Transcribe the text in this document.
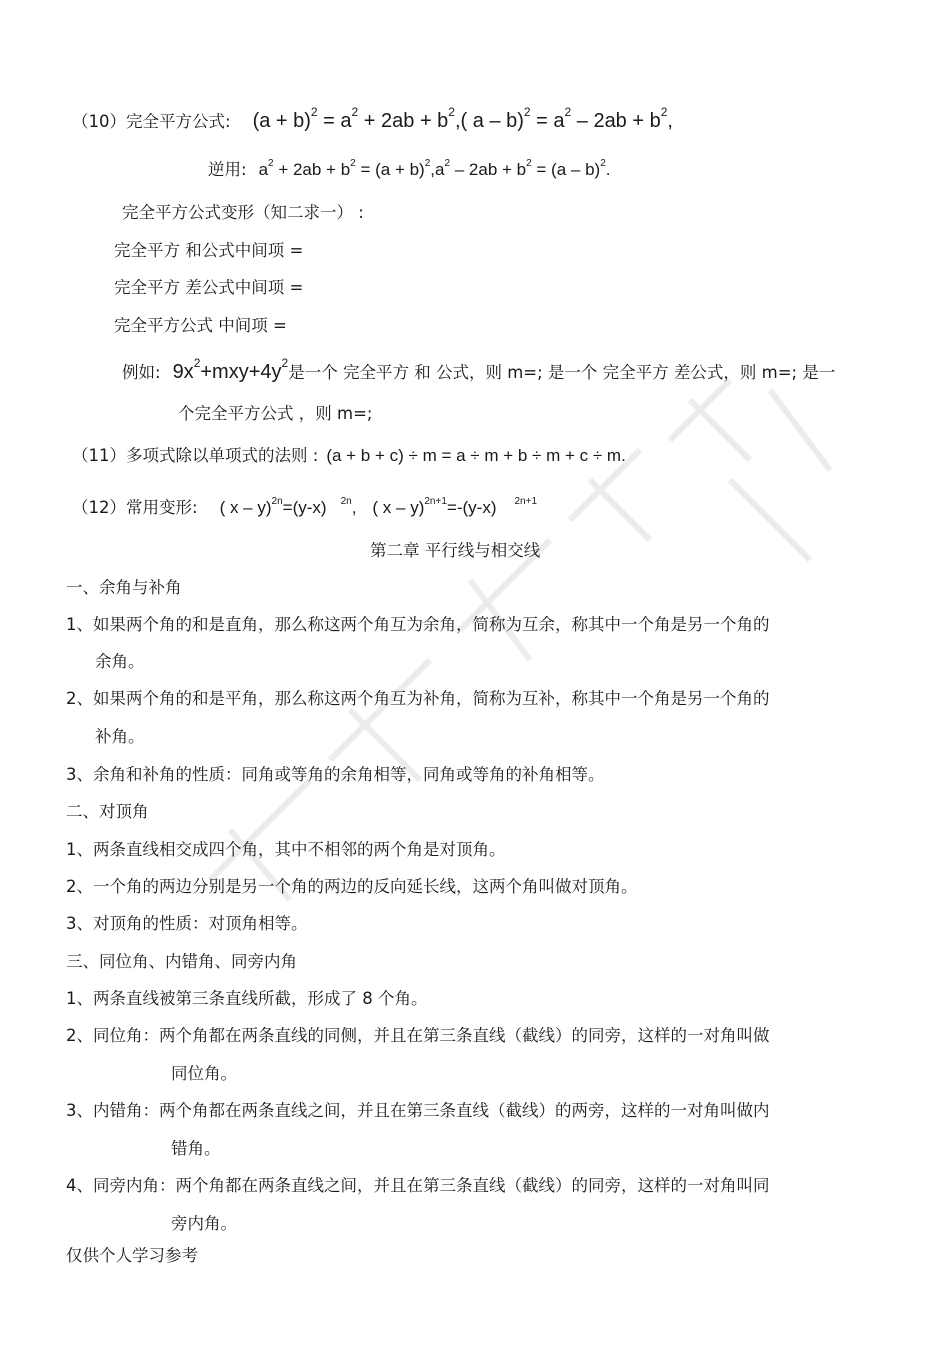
（10）完全平方公式: $(a + b)^2 = a^2 + 2ab + b^2$,( $a - b)^2 = a^2 - 2ab + b^2$,
逆用: $a^2 + 2ab + b^2 = (a + b)^2,a^2 - 2ab + b^2 = (a - b)^2$.
完全平方公式变形（知二求一） :
完全平方 和公式中间项 =
完全平方 差公式中间项 =
完全平方公式 中间项 =
例如: $9x^2+mxy+4y^2$是一个 完全平方 和 公式，则 m=; 是一个 完全平方 差公式，则 m=; 是一
个完全平方公式 ，则 m=;
（11）多项式除以单项式的法则 : (a + b + c) ÷ m = a ÷ m + b ÷ m + c ÷ m.
（12）常用变形: ( x – y)$^{2n}$=(y-x) $^{2n}$, ( x – y)$^{2n+1}$=-(y-x) $^{2n+1}$
第二章 平行线与相交线
一、余角与补角
1、如果两个角的和是直角，那么称这两个角互为余角，简称为互余，称其中一个角是另一个角的
余角。
2、如果两个角的和是平角，那么称这两个角互为补角，简称为互补，称其中一个角是另一个角的
补角。
3、余角和补角的性质：同角或等角的余角相等，同角或等角的补角相等。
二、对顶角
1、两条直线相交成四个角，其中不相邻的两个角是对顶角。
2、一个角的两边分别是另一个角的两边的反向延长线，这两个角叫做对顶角。
3、对顶角的性质：对顶角相等。
三、同位角、内错角、同旁内角
1、两条直线被第三条直线所截，形成了 8 个角。
2、同位角：两个角都在两条直线的同侧，并且在第三条直线（截线）的同旁，这样的一对角叫做
同位角。
3、内错角：两个角都在两条直线之间，并且在第三条直线（截线）的两旁，这样的一对角叫做内
错角。
4、同旁内角：两个角都在两条直线之间，并且在第三条直线（截线）的同旁，这样的一对角叫同
旁内角。
仅供个人学习参考
